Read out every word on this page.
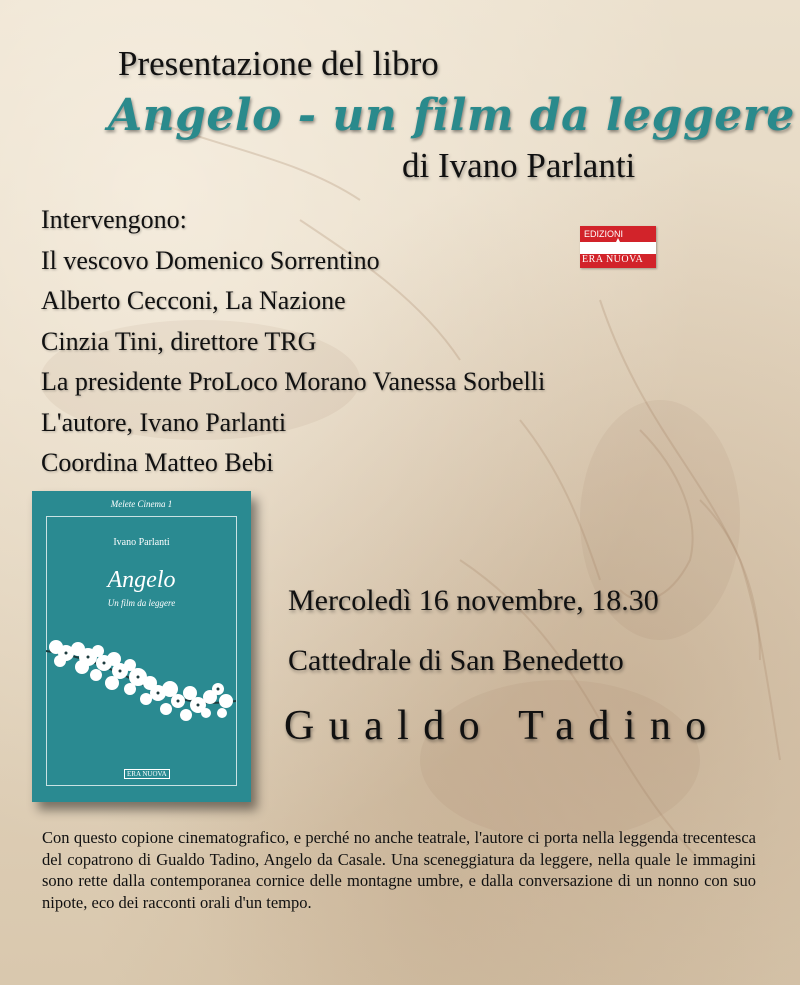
Presentazione del libro
Angelo - un film da leggere
di Ivano Parlanti
Intervengono:
Il vescovo Domenico Sorrentino
Alberto Cecconi, La Nazione
Cinzia Tini, direttore TRG
La presidente ProLoco Morano Vanessa Sorbelli
L'autore, Ivano Parlanti
Coordina Matteo Bebi
EDIZIONI
ERA NUOVA
Melete Cinema 1
Ivano Parlanti
Angelo
Un film da leggere
ERA NUOVA
Mercoledì 16 novembre, 18.30
Cattedrale di San Benedetto
Gualdo Tadino
Con questo copione cinematografico, e perché no anche teatrale, l'autore ci porta nella leggenda trecentesca del copatrono di Gualdo Tadino, Angelo da Casale. Una sceneggiatura da leggere, nella quale le immagini sono rette dalla contemporanea cornice delle montagne umbre, e dalla conversazione di un nonno con suo nipote, eco dei racconti orali d'un tempo.
